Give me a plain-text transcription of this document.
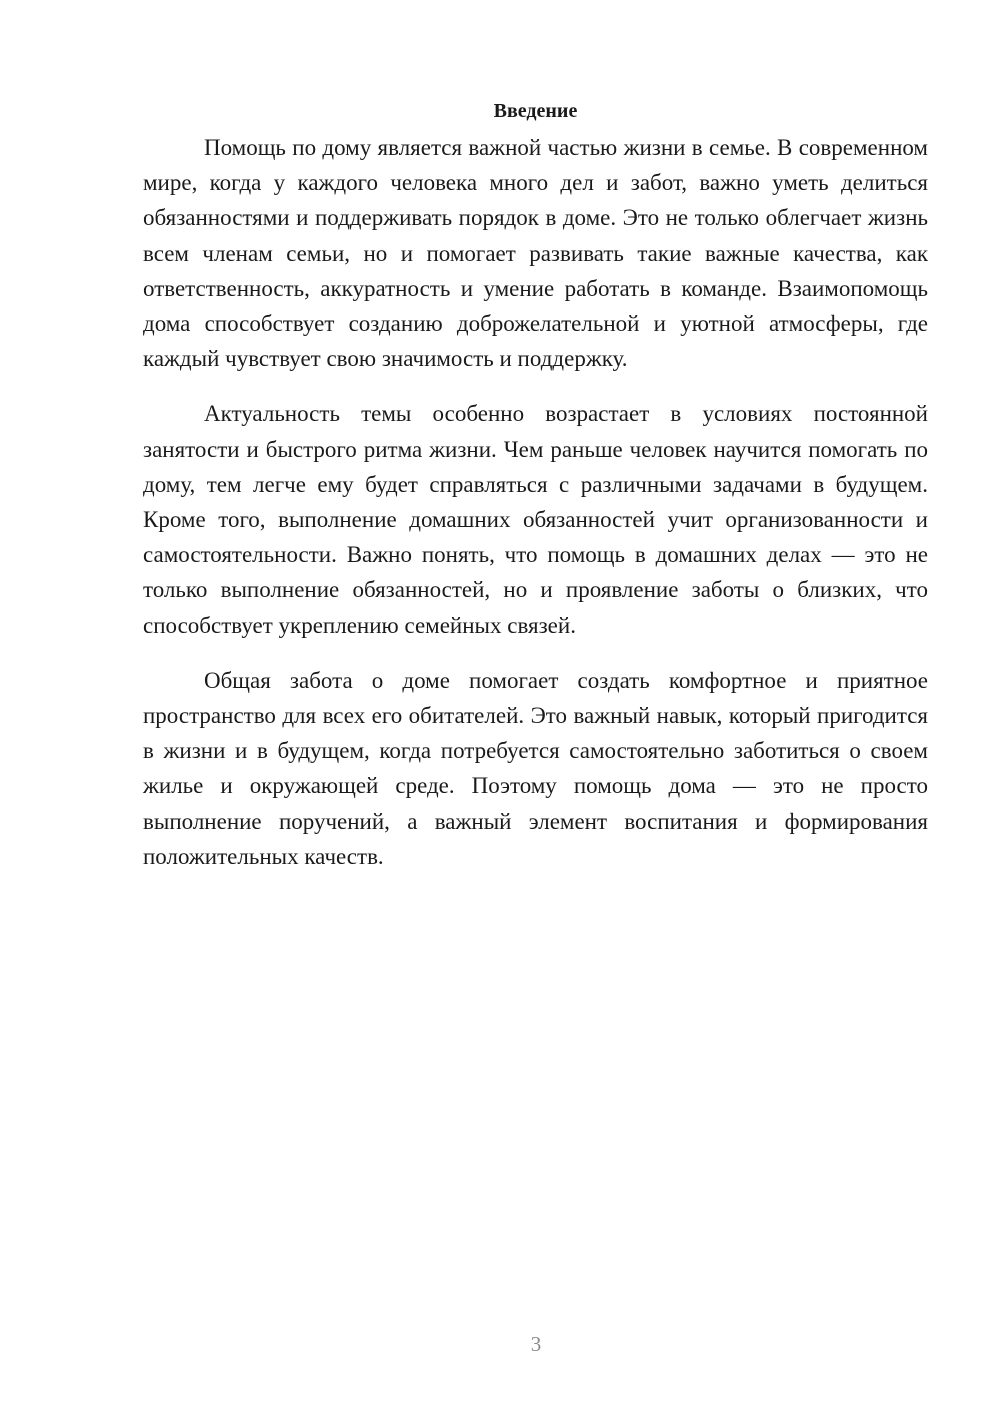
Введение

Помощь по дому является важной частью жизни в семье. В современном мире, когда у каждого человека много дел и забот, важно уметь делиться обязанностями и поддерживать порядок в доме. Это не только облегчает жизнь всем членам семьи, но и помогает развивать такие важные качества, как ответственность, аккуратность и умение работать в команде. Взаимопомощь дома способствует созданию доброжелательной и уютной атмосферы, где каждый чувствует свою значимость и поддержку.

Актуальность темы особенно возрастает в условиях постоянной занятости и быстрого ритма жизни. Чем раньше человек научится помогать по дому, тем легче ему будет справляться с различными задачами в будущем. Кроме того, выполнение домашних обязанностей учит организованности и самостоятельности. Важно понять, что помощь в домашних делах — это не только выполнение обязанностей, но и проявление заботы о близких, что способствует укреплению семейных связей.

Общая забота о доме помогает создать комфортное и приятное пространство для всех его обитателей. Это важный навык, который пригодится в жизни и в будущем, когда потребуется самостоятельно заботиться о своем жилье и окружающей среде. Поэтому помощь дома — это не просто выполнение поручений, а важный элемент воспитания и формирования положительных качеств.

3
